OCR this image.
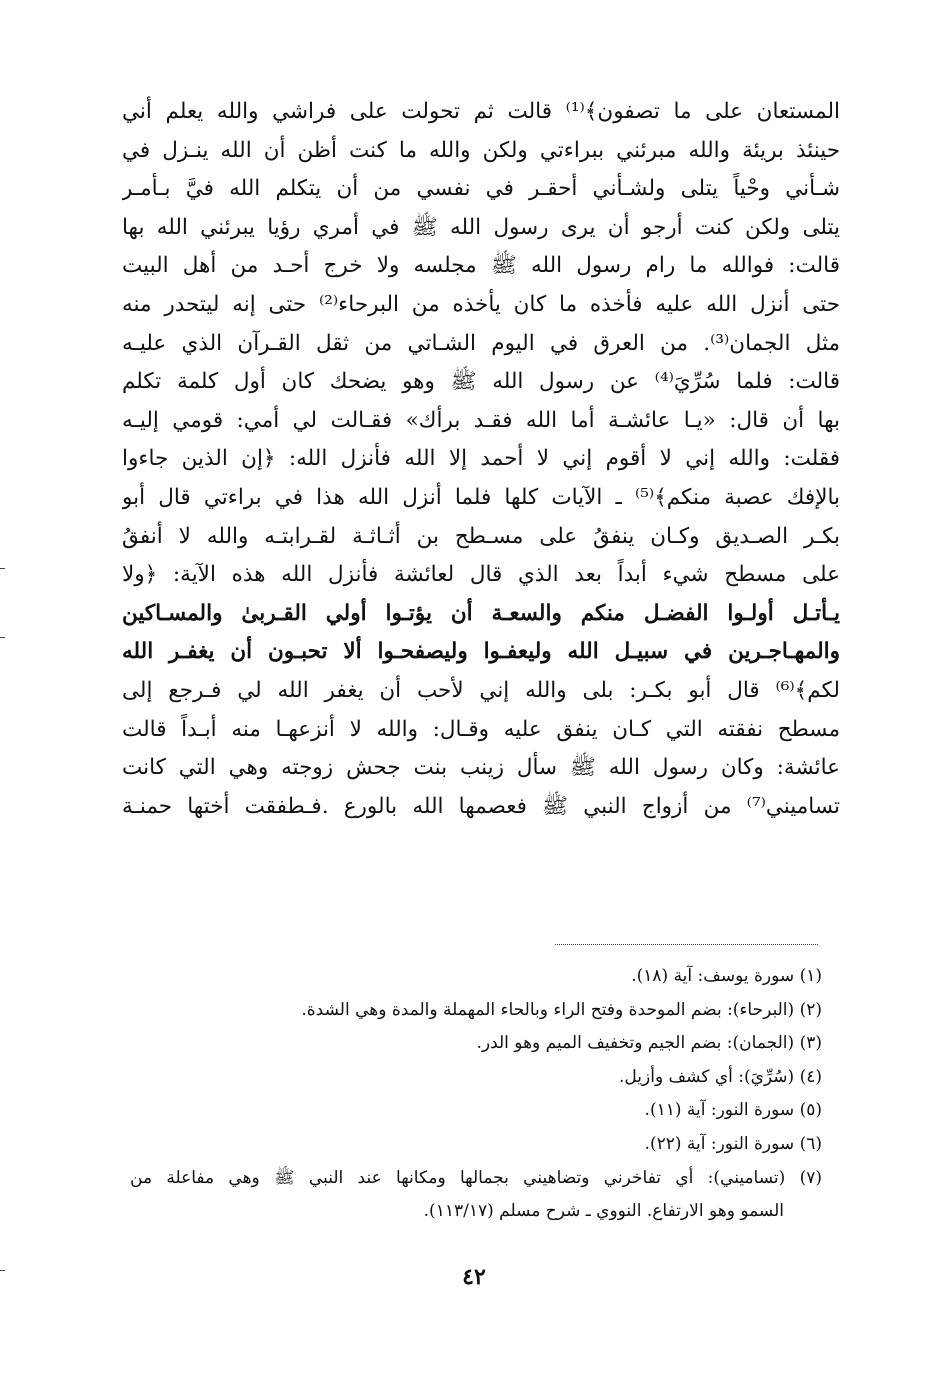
المستعان على ما تصفون﴾⁽¹⁾ قالت ثم تحولت على فراشي والله يعلم أني
حينئذ بريئة والله مبرئني ببراءتي ولكن والله ما كنت أظن أن الله ينـزل في
شـأني وحْياً يتلى ولشـأني أحقـر في نفسي من أن يتكلم الله فيَّ بـأمـر
يتلى ولكن كنت أرجو أن يرى رسول الله ﷺ في أمري رؤيا يبرئني الله بها
قالت: فوالله ما رام رسول الله ﷺ مجلسه ولا خرج أحـد من أهل البيت
حتى أنزل الله عليه فأخذه ما كان يأخذه من البرحاء⁽²⁾ حتى إنه ليتحدر منه
مثل الجمان⁽³⁾. من العرق في اليوم الشـاتي من ثقل القـرآن الذي عليـه
قالت: فلما سُرِّيَ⁽⁴⁾ عن رسول الله ﷺ وهو يضحك كان أول كلمة تكلم
بها أن قال: «يـا عائشـة أما الله فقـد برأك» فقـالت لي أمي: قومي إليـه
فقلت: والله إني لا أقوم إني لا أحمد إلا الله فأنزل الله: ﴿إن الذين جاءوا
بالإفك عصبة منكم﴾⁽⁵⁾ ـ الآيات كلها فلما أنزل الله هذا في براءتي قال أبو
بكـر الصـديق وكـان ينفقُ على مسـطح بن أثـاثـة لقـرابتـه والله لا أنفقُ
على مسطح شيء أبداً بعد الذي قال لعائشة فأنزل الله هذه الآية: ﴿ولا
يـأتـل أولـوا الفضـل منكم والسعـة أن يؤتـوا أولي القـربىٰ والمسـاكين
والمهـاجـرين في سبيـل الله وليعفـوا وليصفحـوا ألا تحبـون أن يغفـر الله
لكم﴾⁽⁶⁾ قال أبو بكـر: بلى والله إني لأحب أن يغفر الله لي فـرجع إلى
مسطح نفقته التي كـان ينفق عليه وقـال: والله لا أنزعهـا منه أبـداً قالت
عائشة: وكان رسول الله ﷺ سأل زينب بنت جحش زوجته وهي التي كانت
تساميني⁽⁷⁾ من أزواج النبي ﷺ فعصمها الله بالورع .فـطفقت أختها حمنـة
(١) سورة يوسف: آية (١٨).
(٢) (البرحاء): بضم الموحدة وفتح الراء وبالحاء المهملة والمدة وهي الشدة.
(٣) (الجمان): بضم الجيم وتخفيف الميم وهو الدر.
(٤) (سُرِّيَ): أي كشف وأزيل.
(٥) سورة النور: آية (١١).
(٦) سورة النور: آية (٢٢).
(٧) (تساميني): أي تفاخرني وتضاهيني بجمالها ومكانها عند النبي ﷺ وهي مفاعلة من
السمو وهو الارتفاع. النووي ـ شرح مسلم (١١٣/١٧).
٤٢
